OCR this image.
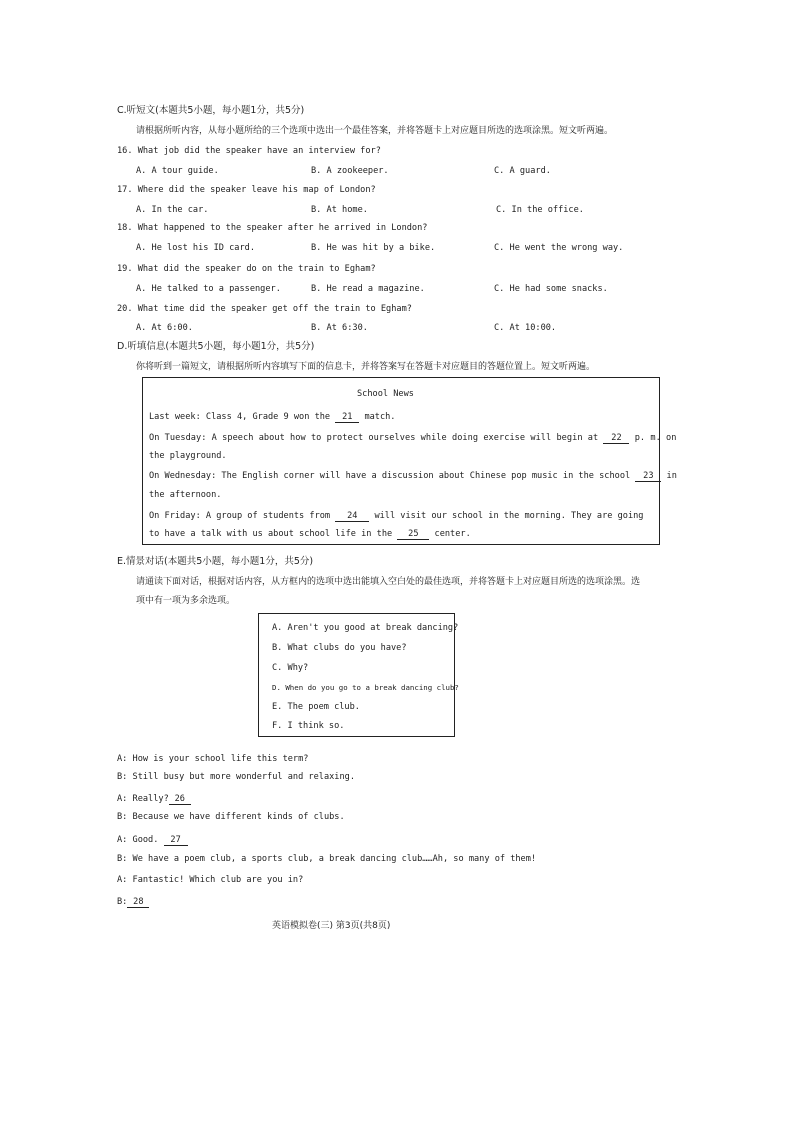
C.听短文(本题共5小题，每小题1分，共5分)
请根据所听内容，从每小题所给的三个选项中选出一个最佳答案，并将答题卡上对应题目所选的选项涂黑。短文听两遍。
16. What job did the speaker have an interview for?
A. A tour guide.	B. A zookeeper.	C. A guard.
17. Where did the speaker leave his map of London?
A. In the car.	B. At home.	C. In the office.
18. What happened to the speaker after he arrived in London?
A. He lost his ID card.	B. He was hit by a bike.	C. He went the wrong way.
19. What did the speaker do on the train to Egham?
A. He talked to a passenger.	B. He read a magazine.	C. He had some snacks.
20. What time did the speaker get off the train to Egham?
A. At 6:00.	B. At 6:30.	C. At 10:00.
D.听填信息(本题共5小题，每小题1分，共5分)
你将听到一篇短文，请根据所听内容填写下面的信息卡，并将答案写在答题卡对应题目的答题位置上。短文听两遍。
School News
Last week: Class 4, Grade 9 won the 21 match.
On Tuesday: A speech about how to protect ourselves while doing exercise will begin at 22 p. m. on
the playground.
On Wednesday: The English corner will have a discussion about Chinese pop music in the school 23 in
the afternoon.
On Friday: A group of students from 24 will visit our school in the morning. They are going
to have a talk with us about school life in the 25 center.
E.情景对话(本题共5小题，每小题1分，共5分)
请通读下面对话，根据对话内容，从方框内的选项中选出能填入空白处的最佳选项，并将答题卡上对应题目所选的选项涂黑。选
项中有一项为多余选项。
A. Aren't you good at break dancing?
B. What clubs do you have?
C. Why?
D. When do you go to a break dancing club?
E. The poem club.
F. I think so.
A: How is your school life this term?
B: Still busy but more wonderful and relaxing.
A: Really? 26
B: Because we have different kinds of clubs.
A: Good. 27
B: We have a poem club, a sports club, a break dancing club……Ah, so many of them!
A: Fantastic! Which club are you in?
B: 28
英语模拟卷(三) 第3页(共8页)
